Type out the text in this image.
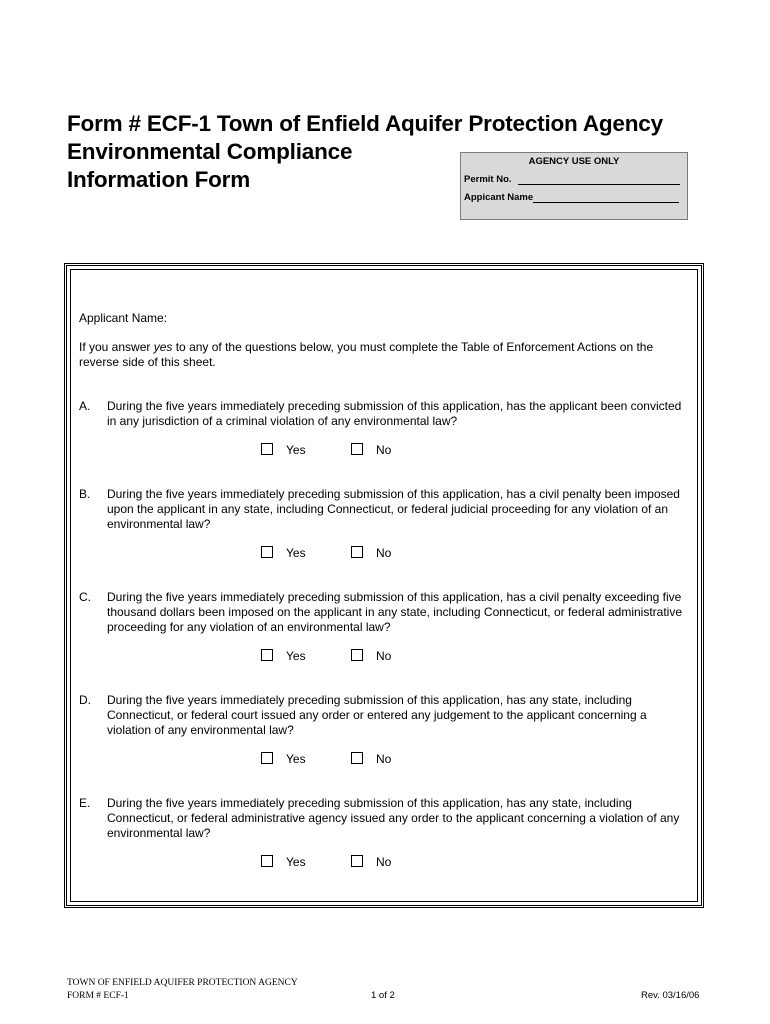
Form # ECF-1 Town of Enfield Aquifer Protection Agency
Environmental Compliance
Information Form
AGENCY USE ONLY
Permit No.
Appicant Name
Applicant Name:
If you answer yes to any of the questions below, you must complete the Table of Enforcement Actions on the reverse side of this sheet.
A. During the five years immediately preceding submission of this application, has the applicant been convicted in any jurisdiction of a criminal violation of any environmental law?
Yes	No
B. During the five years immediately preceding submission of this application, has a civil penalty been imposed upon the applicant in any state, including Connecticut, or federal judicial proceeding for any violation of an environmental law?
Yes	No
C. During the five years immediately preceding submission of this application, has a civil penalty exceeding five thousand dollars been imposed on the applicant in any state, including Connecticut, or federal administrative proceeding for any violation of an environmental law?
Yes	No
D. During the five years immediately preceding submission of this application, has any state, including Connecticut, or federal court issued any order or entered any judgement to the applicant concerning a violation of any environmental law?
Yes	No
E. During the five years immediately preceding submission of this application, has any state, including Connecticut, or federal administrative agency issued any order to the applicant concerning a violation of any environmental law?
Yes	No
TOWN OF ENFIELD AQUIFER PROTECTION AGENCY
FORM # ECF-1	1 of 2	Rev. 03/16/06
